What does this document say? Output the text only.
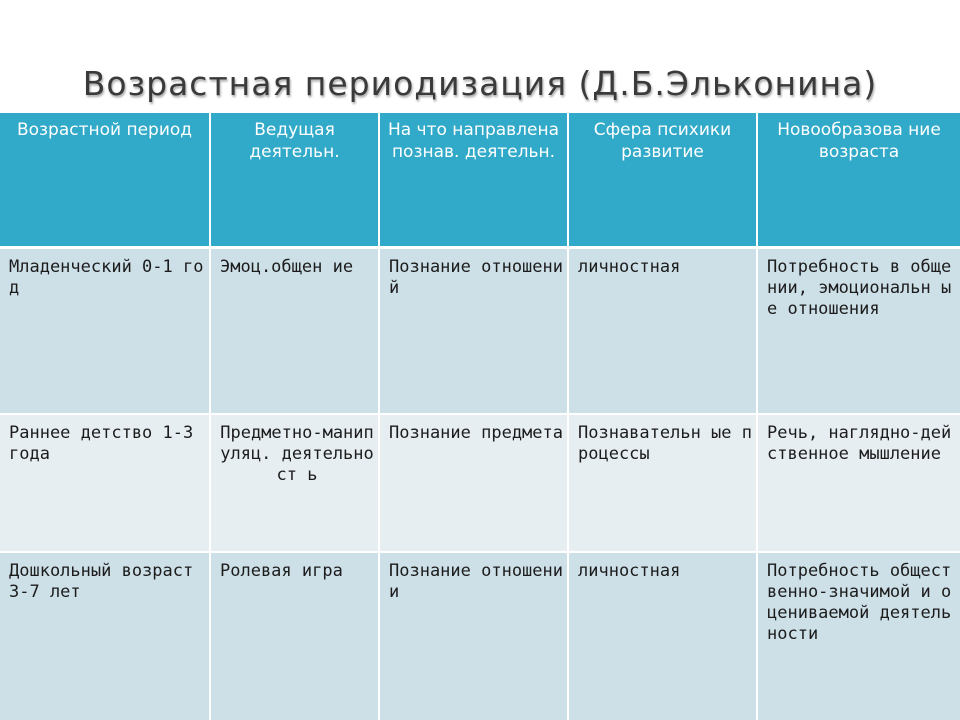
Возрастная периодизация (Д.Б.Эльконина)
Возрастной период	Ведущая деятельн.	На что направлена познав. деятельн.	Сфера психики развитие	Новообразова ние возраста
Младенческий 0-1 год	Эмоц.общен ие	Познание отношений	личностная	Потребность в общении, эмоциональн ые отношения
Раннее детство 1-3 года	Предметно-манипуляц. деятельност ь	Познание предмета	Познавательн ые процессы	Речь, наглядно-действенное мышление
Дошкольный возраст 3-7 лет	Ролевая игра	Познание отношении	личностная	Потребность общественно-значимой и оцениваемой деятельности
